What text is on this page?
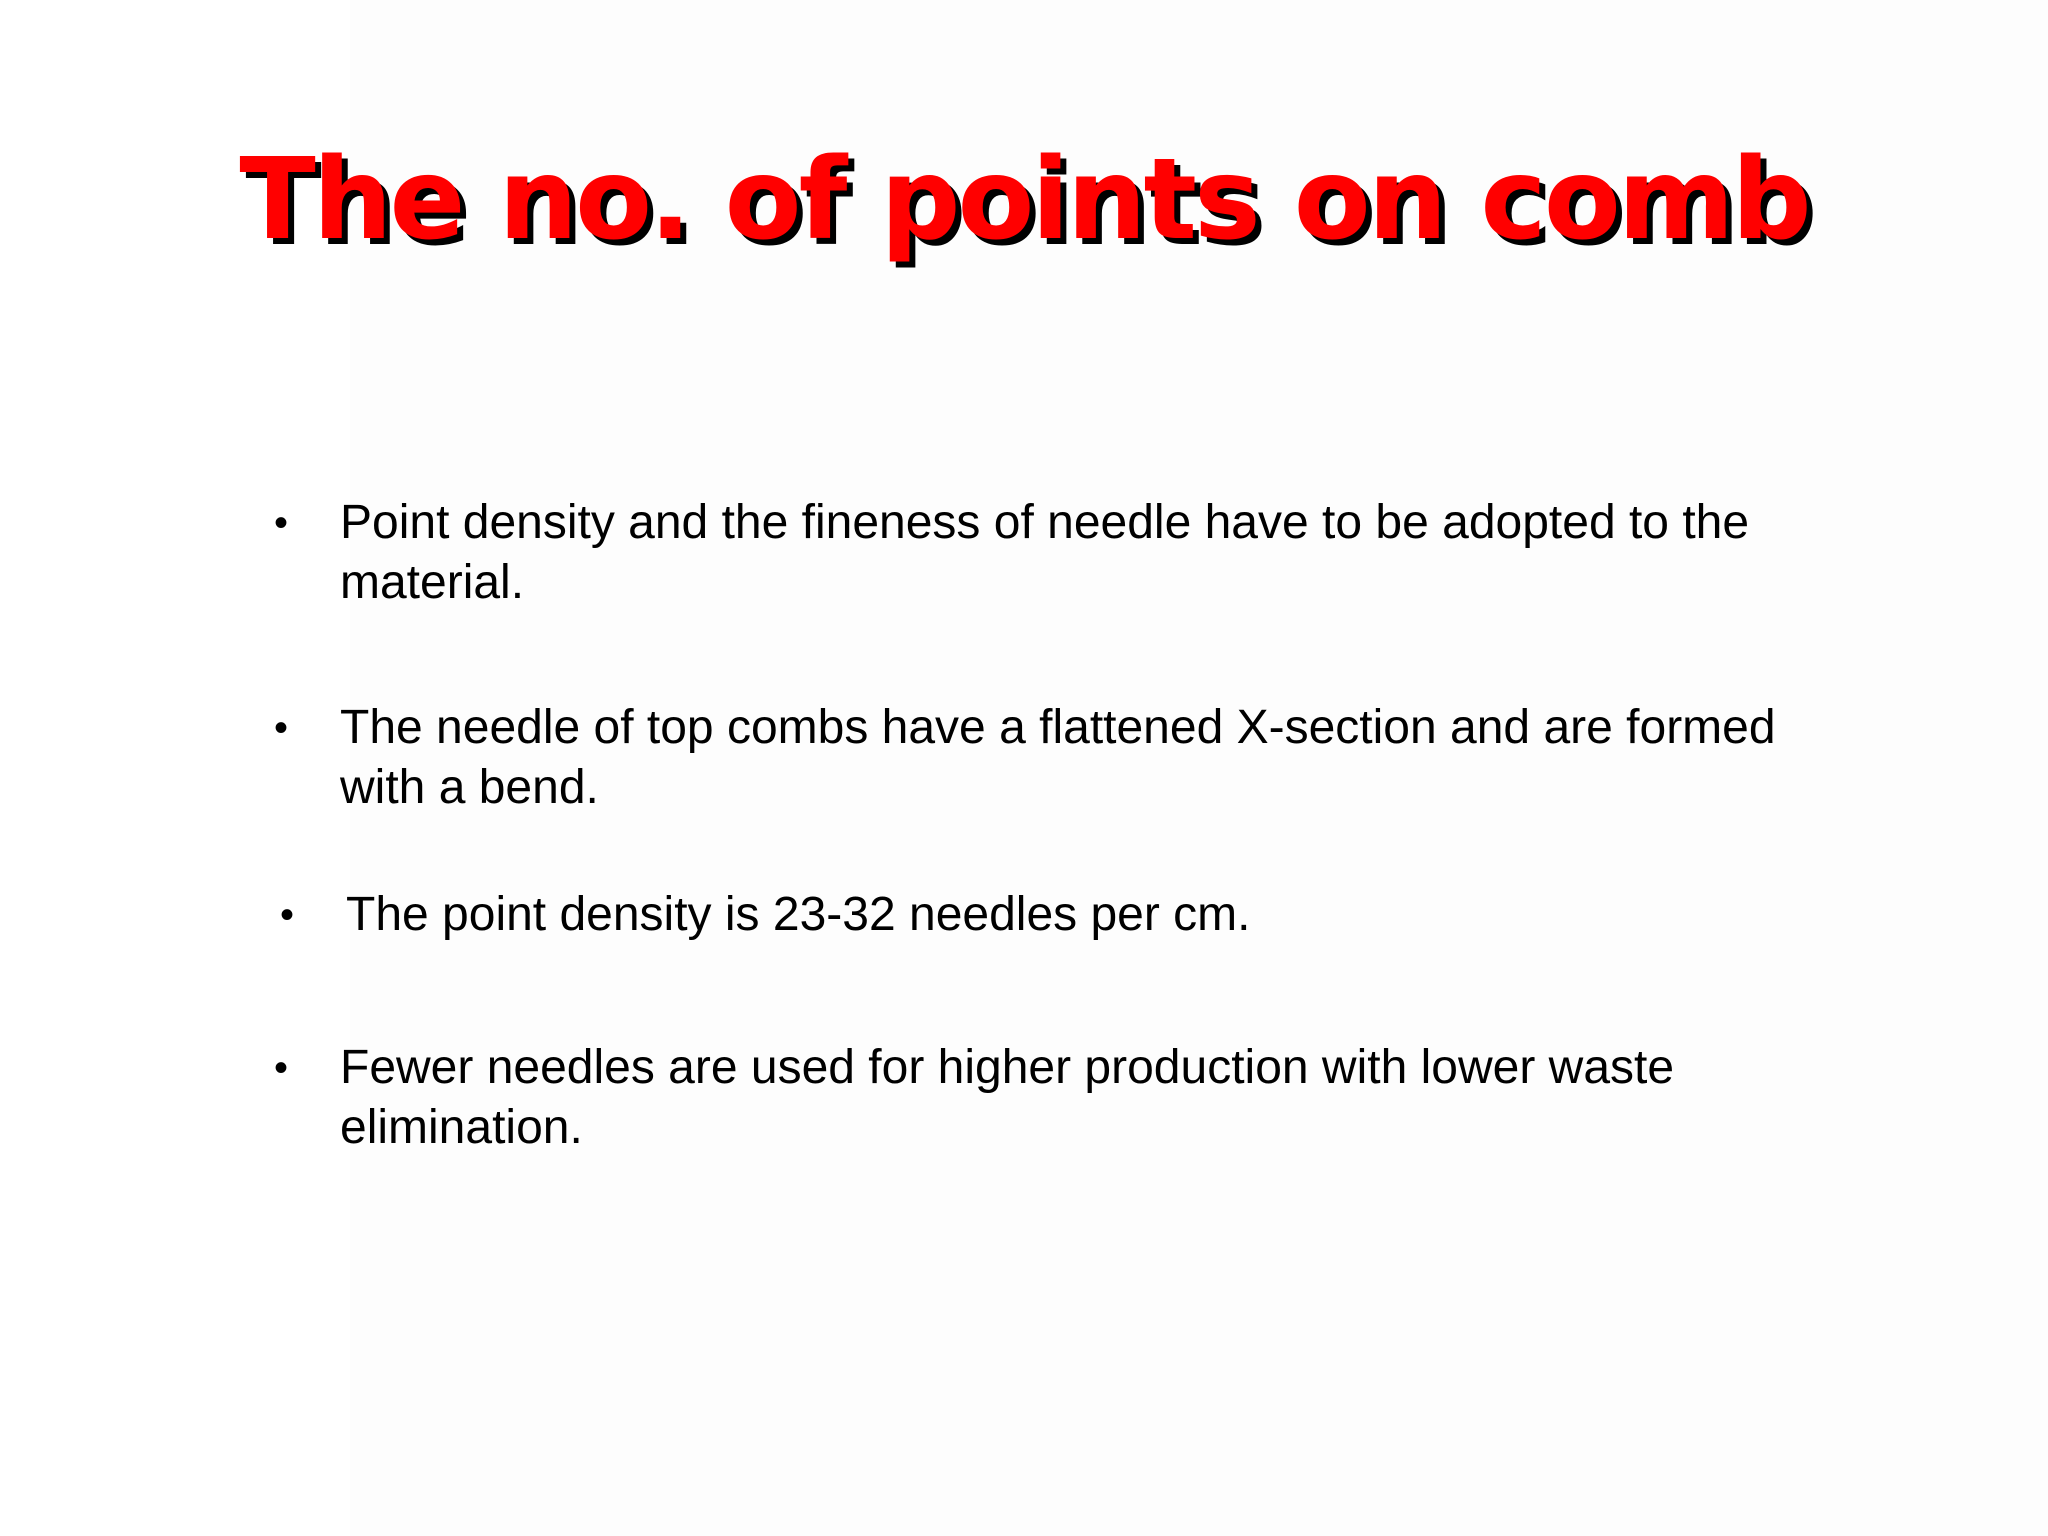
The no. of points on comb
•	Point density and the fineness of needle have to be adopted to the material.
•	The needle of top combs have a flattened X-section and are formed with a bend.
•	The point density is 23-32 needles per cm.
•	Fewer needles are used for higher production with lower waste elimination.
